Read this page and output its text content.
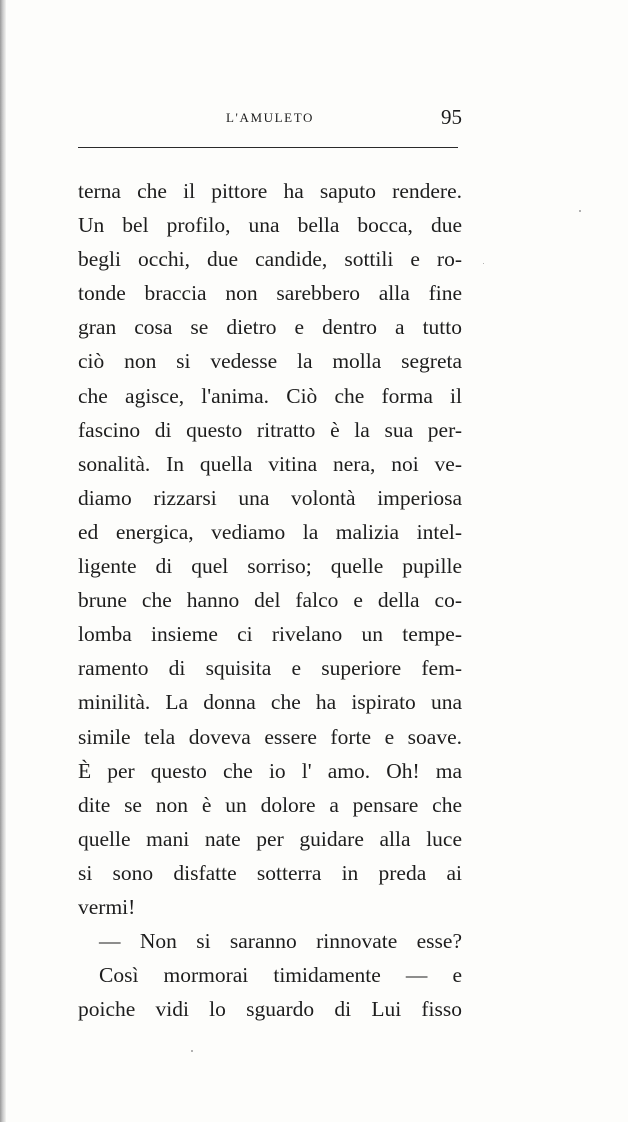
L'AMULETO	95
terna che il pittore ha saputo rendere.
Un bel profilo, una bella bocca, due
begli occhi, due candide, sottili e ro-
tonde braccia non sarebbero alla fine
gran cosa se dietro e dentro a tutto
ciò non si vedesse la molla segreta
che agisce, l'anima. Ciò che forma il
fascino di questo ritratto è la sua per-
sonalità. In quella vitina nera, noi ve-
diamo rizzarsi una volontà imperiosa
ed energica, vediamo la malizia intel-
ligente di quel sorriso; quelle pupille
brune che hanno del falco e della co-
lomba insieme ci rivelano un tempe-
ramento di squisita e superiore fem-
minilità. La donna che ha ispirato una
simile tela doveva essere forte e soave.
È per questo che io l' amo. Oh! ma
dite se non è un dolore a pensare che
quelle mani nate per guidare alla luce
si sono disfatte sotterra in preda ai
vermi!
— Non si saranno rinnovate esse?
Così mormorai timidamente — e
poiche vidi lo sguardo di Lui fisso
